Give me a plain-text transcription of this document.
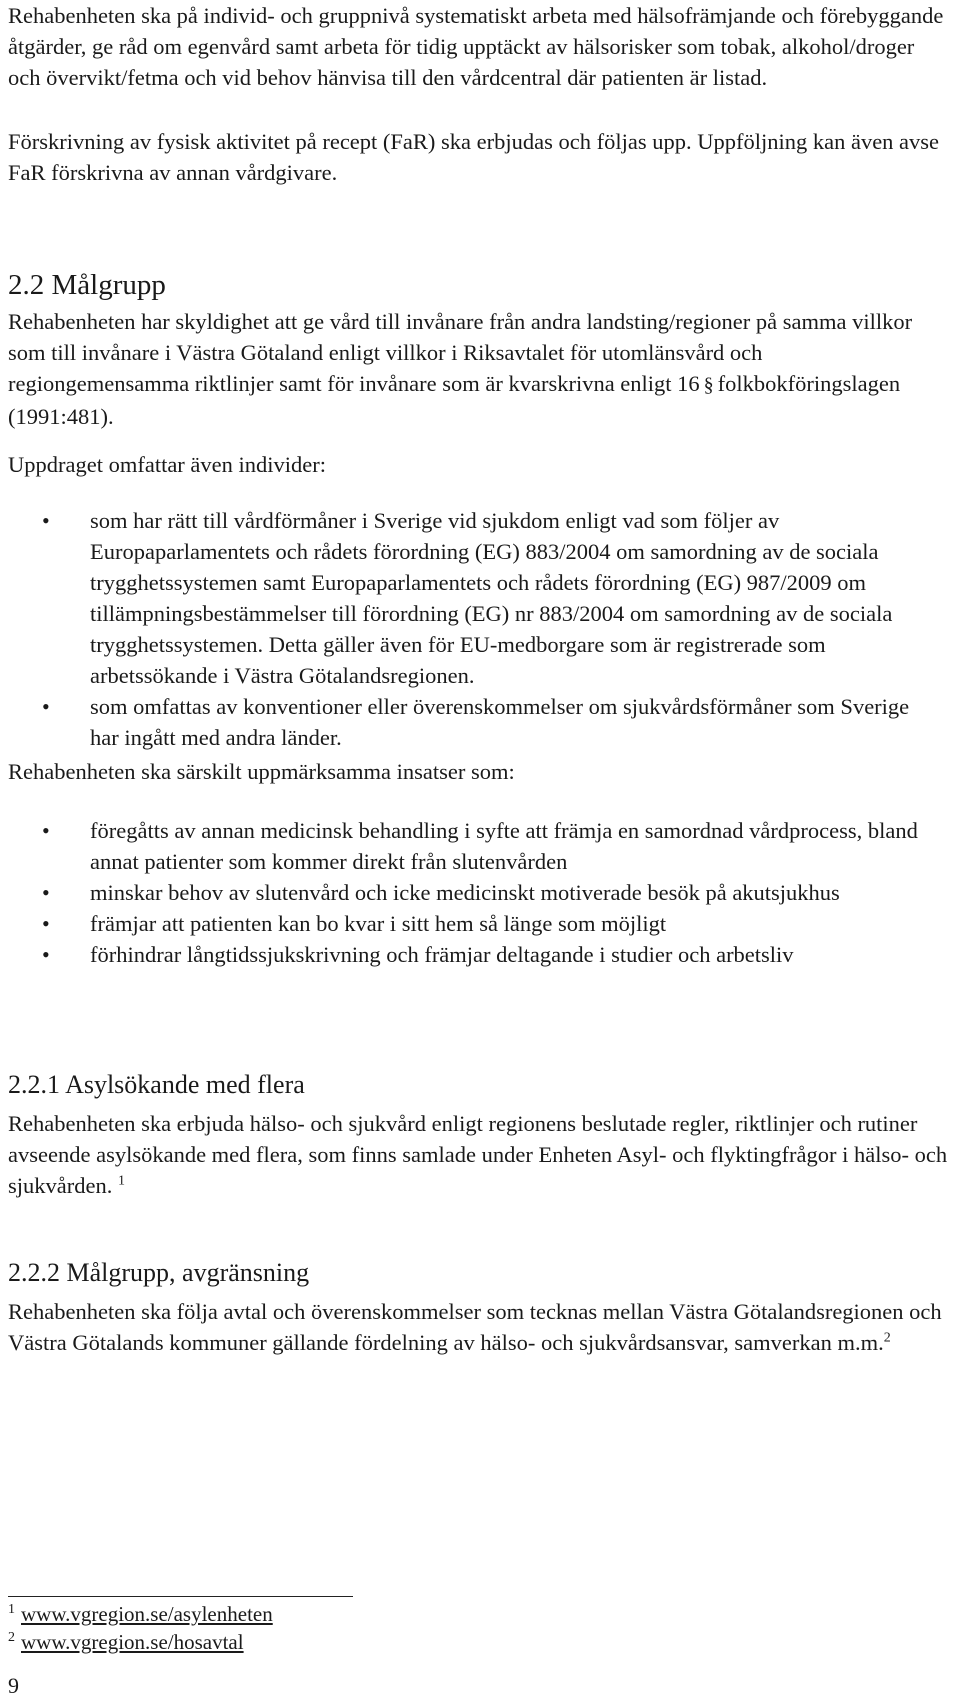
Rehabenheten ska på individ- och gruppnivå systematiskt arbeta med hälsofrämjande och förebyggande åtgärder, ge råd om egenvård samt arbeta för tidig upptäckt av hälsorisker som tobak, alkohol/droger och övervikt/fetma och vid behov hänvisa till den vårdcentral där patienten är listad.

Förskrivning av fysisk aktivitet på recept (FaR) ska erbjudas och följas upp. Uppföljning kan även avse FaR förskrivna av annan vårdgivare.

2.2 Målgrupp

Rehabenheten har skyldighet att ge vård till invånare från andra landsting/regioner på samma villkor som till invånare i Västra Götaland enligt villkor i Riksavtalet för utomlänsvård och regiongemensamma riktlinjer samt för invånare som är kvarskrivna enligt 16 § folkbokföringslagen (1991:481).

Uppdraget omfattar även individer:

• som har rätt till vårdförmåner i Sverige vid sjukdom enligt vad som följer av Europaparlamentets och rådets förordning (EG) 883/2004 om samordning av de sociala trygghetssystemen samt Europaparlamentets och rådets förordning (EG) 987/2009 om tillämpningsbestämmelser till förordning (EG) nr 883/2004 om samordning av de sociala trygghetssystemen. Detta gäller även för EU-medborgare som är registrerade som arbetssökande i Västra Götalandsregionen.
• som omfattas av konventioner eller överenskommelser om sjukvårdsförmåner som Sverige har ingått med andra länder.

Rehabenheten ska särskilt uppmärksamma insatser som:

• föregåtts av annan medicinsk behandling i syfte att främja en samordnad vårdprocess, bland annat patienter som kommer direkt från slutenvården
• minskar behov av slutenvård och icke medicinskt motiverade besök på akutsjukhus
• främjar att patienten kan bo kvar i sitt hem så länge som möjligt
• förhindrar långtidssjukskrivning och främjar deltagande i studier och arbetsliv
2.2.1 Asylsökande med flera

Rehabenheten ska erbjuda hälso- och sjukvård enligt regionens beslutade regler, riktlinjer och rutiner avseende asylsökande med flera, som finns samlade under Enheten Asyl- och flyktingfrågor i hälso- och sjukvården. $^1$

2.2.2 Målgrupp, avgränsning

Rehabenheten ska följa avtal och överenskommelser som tecknas mellan Västra Götalandsregionen och Västra Götalands kommuner gällande fördelning av hälso- och sjukvårdsansvar, samverkan m.m.$^2$

$^1$ www.vgregion.se/asylenheten
$^2$ www.vgregion.se/hosavtal
9
